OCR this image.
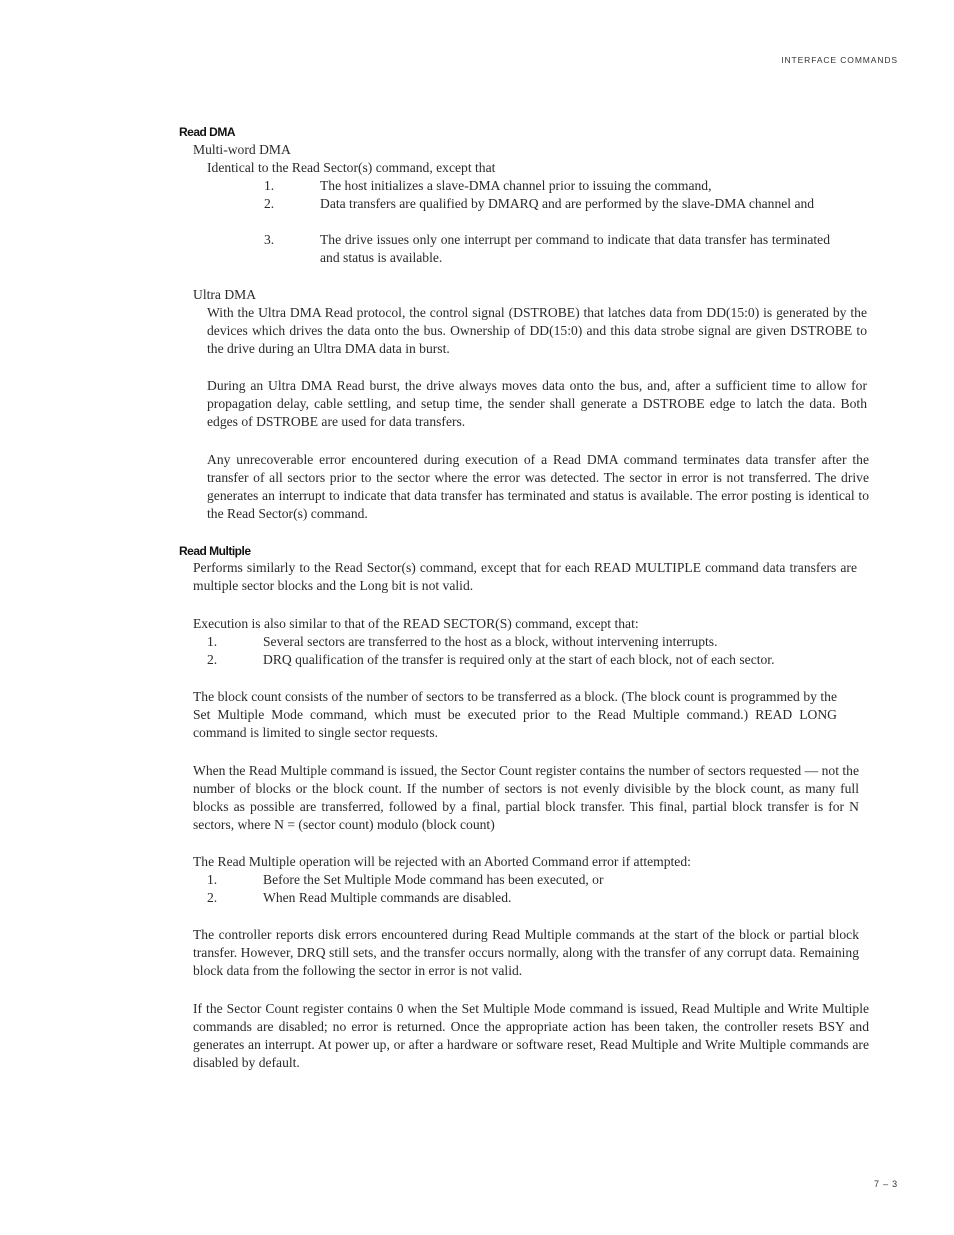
INTERFACE COMMANDS
Read DMA
Multi-word DMA
Identical to the Read Sector(s) command, except that
1.	The host initializes a slave-DMA channel prior to issuing the command,
2.	Data transfers are qualified by DMARQ and are performed by the slave-DMA channel and
3.	The drive issues only one interrupt per command to indicate that data transfer has terminated and status is available.
Ultra DMA
With the Ultra DMA Read protocol, the control signal (DSTROBE) that latches data from DD(15:0) is generated by the devices which drives the data onto the bus. Ownership of DD(15:0) and this data strobe signal are given DSTROBE to the drive during an Ultra DMA data in burst.
During an Ultra DMA Read burst, the drive always moves data onto the bus, and, after a sufficient time to allow for propagation delay, cable settling, and setup time, the sender shall generate a DSTROBE edge to latch the data. Both edges of DSTROBE are used for data transfers.
Any unrecoverable error encountered during execution of a Read DMA command terminates data transfer after the transfer of all sectors prior to the sector where the error was detected. The sector in error is not transferred. The drive generates an interrupt to indicate that data transfer has terminated and status is available. The error posting is identical to the Read Sector(s) command.
Read Multiple
Performs similarly to the Read Sector(s) command, except that for each READ MULTIPLE command data transfers are multiple sector blocks and the Long bit is not valid.
Execution is also similar to that of the READ SECTOR(S) command, except that:
1.	Several sectors are transferred to the host as a block, without intervening interrupts.
2.	DRQ qualification of the transfer is required only at the start of each block, not of each sector.
The block count consists of the number of sectors to be transferred as a block. (The block count is programmed by the Set Multiple Mode command, which must be executed prior to the Read Multiple command.) READ LONG command is limited to single sector requests.
When the Read Multiple command is issued, the Sector Count register contains the number of sectors requested — not the number of blocks or the block count. If the number of sectors is not evenly divisible by the block count, as many full blocks as possible are transferred, followed by a final, partial block transfer. This final, partial block transfer is for N sectors, where N = (sector count) modulo (block count)
The Read Multiple operation will be rejected with an Aborted Command error if attempted:
1.	Before the Set Multiple Mode command has been executed, or
2.	When Read Multiple commands are disabled.
The controller reports disk errors encountered during Read Multiple commands at the start of the block or partial block transfer. However, DRQ still sets, and the transfer occurs normally, along with the transfer of any corrupt data. Remaining block data from the following the sector in error is not valid.
If the Sector Count register contains 0 when the Set Multiple Mode command is issued, Read Multiple and Write Multiple commands are disabled; no error is returned. Once the appropriate action has been taken, the controller resets BSY and generates an interrupt. At power up, or after a hardware or software reset, Read Multiple and Write Multiple commands are disabled by default.
7 – 3
